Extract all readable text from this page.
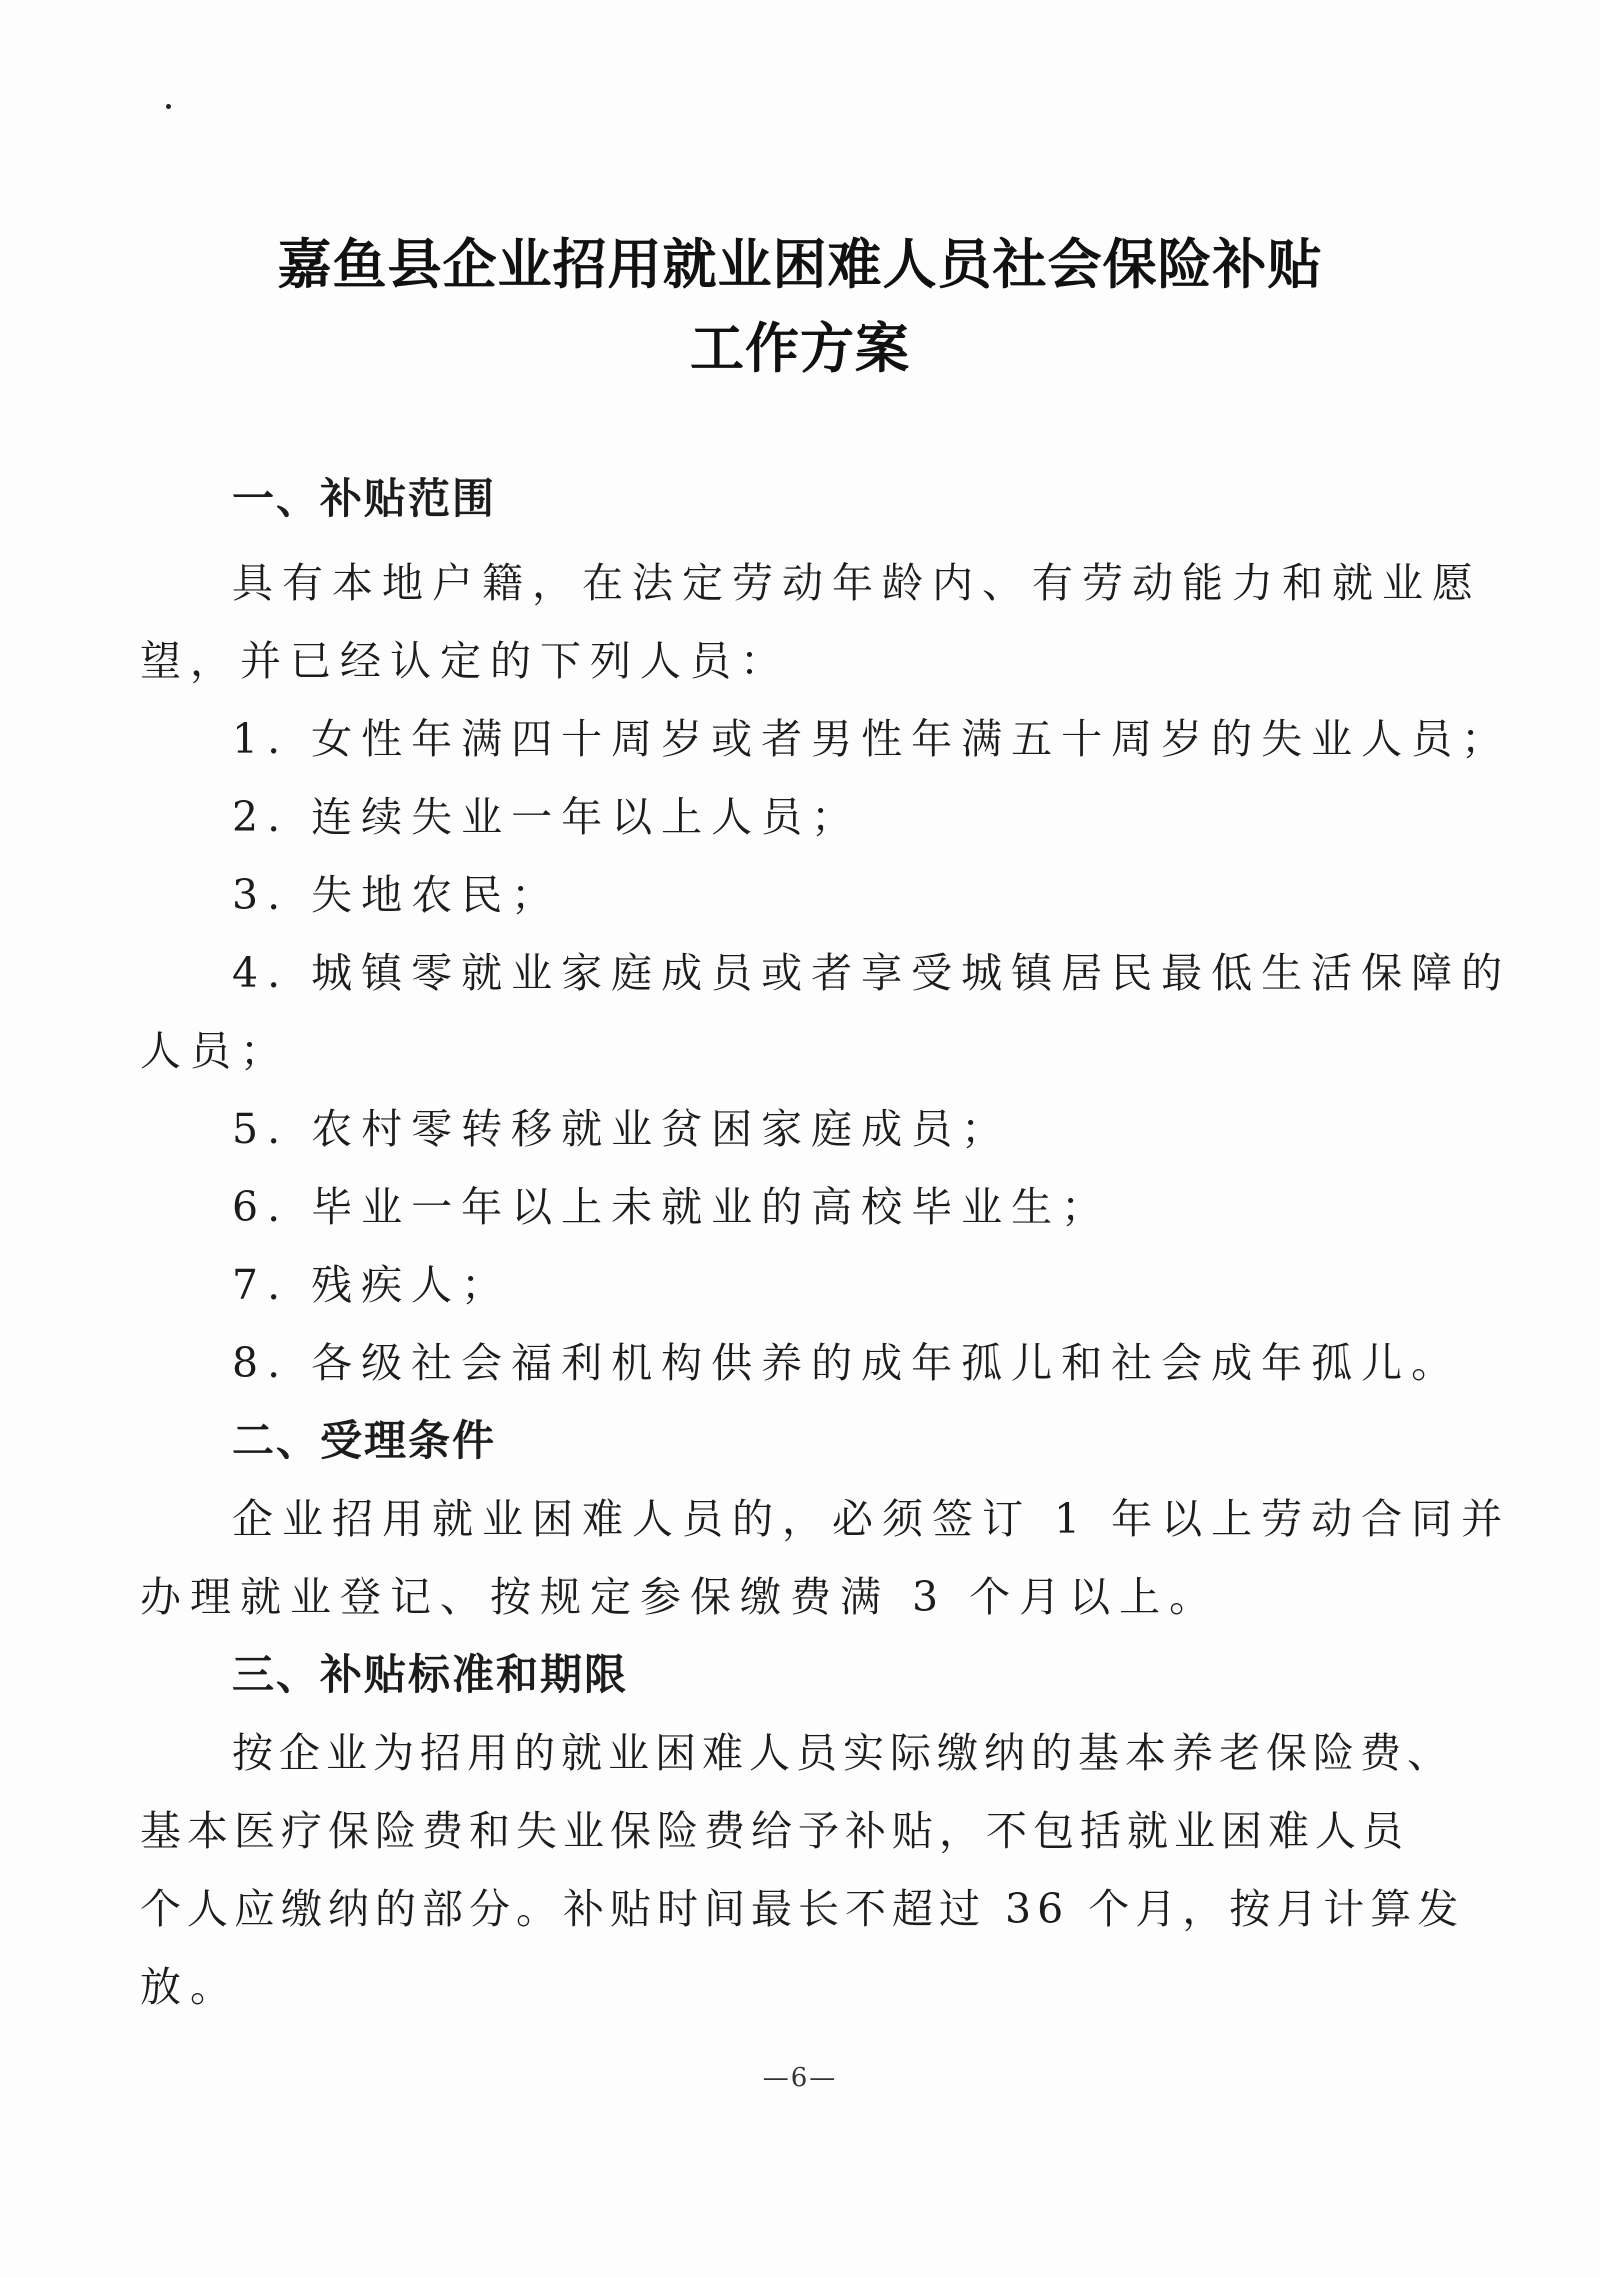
嘉鱼县企业招用就业困难人员社会保险补贴
工作方案
一、补贴范围
具有本地户籍，在法定劳动年龄内、有劳动能力和就业愿
望，并已经认定的下列人员：
1. 女性年满四十周岁或者男性年满五十周岁的失业人员；
2. 连续失业一年以上人员；
3. 失地农民；
4. 城镇零就业家庭成员或者享受城镇居民最低生活保障的
人员；
5. 农村零转移就业贫困家庭成员；
6. 毕业一年以上未就业的高校毕业生；
7. 残疾人；
8. 各级社会福利机构供养的成年孤儿和社会成年孤儿。
二、受理条件
企业招用就业困难人员的，必须签订 1 年以上劳动合同并
办理就业登记、按规定参保缴费满 3 个月以上。
三、补贴标准和期限
按企业为招用的就业困难人员实际缴纳的基本养老保险费、
基本医疗保险费和失业保险费给予补贴，不包括就业困难人员
个人应缴纳的部分。补贴时间最长不超过 36 个月，按月计算发
放。
—6—
